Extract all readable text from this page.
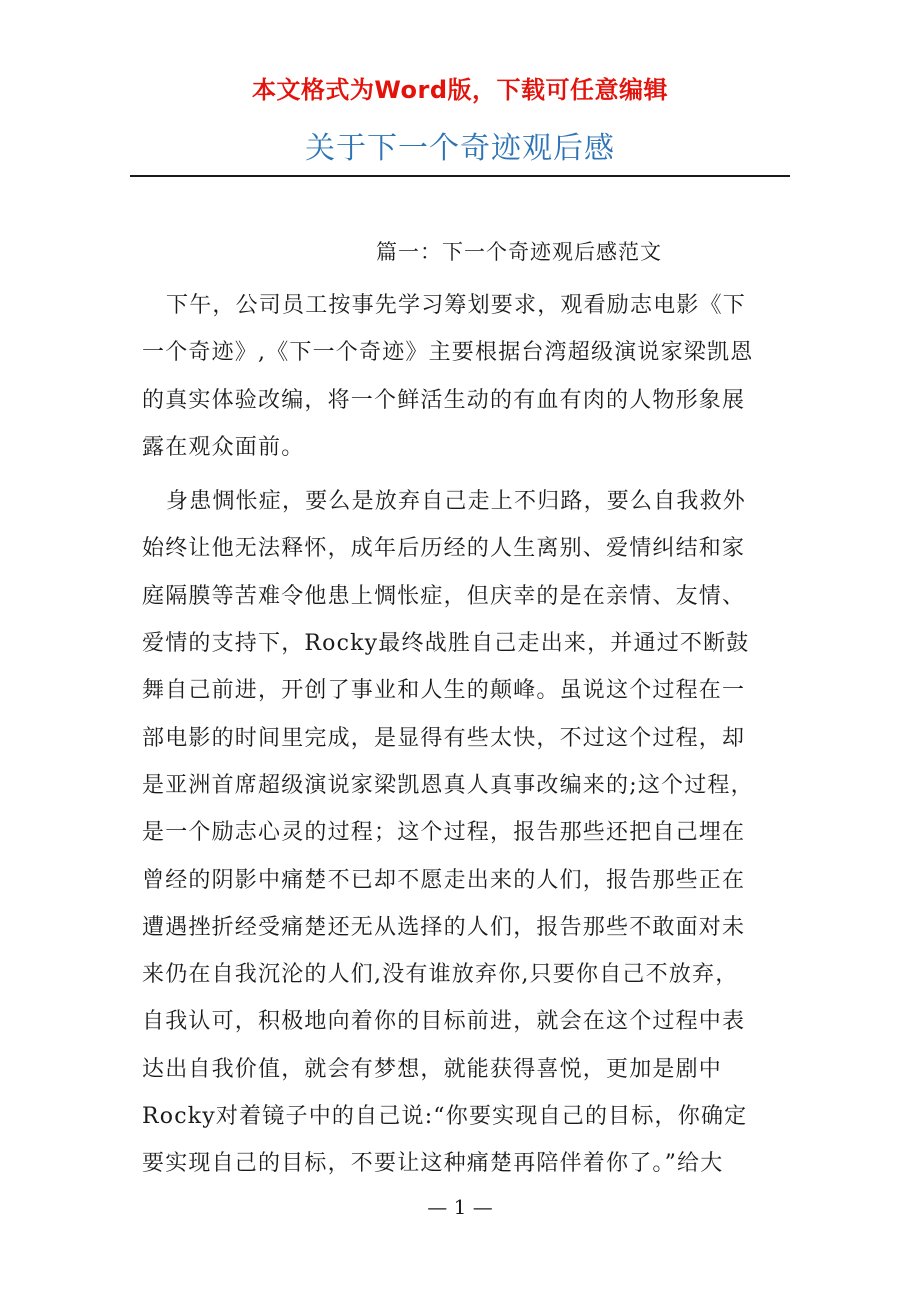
本文格式为Word版，下载可任意编辑
关于下一个奇迹观后感
篇一：下一个奇迹观后感范文
下午，公司员工按事先学习筹划要求，观看励志电影《下
一个奇迹》,《下一个奇迹》主要根据台湾超级演说家梁凯恩
的真实体验改编，将一个鲜活生动的有血有肉的人物形象展
露在观众面前。
身患惆怅症，要么是放弃自己走上不归路，要么自我救外
始终让他无法释怀，成年后历经的人生离别、爱情纠结和家
庭隔膜等苦难令他患上惆怅症，但庆幸的是在亲情、友情、
爱情的支持下，Rocky最终战胜自己走出来，并通过不断鼓
舞自己前进，开创了事业和人生的颠峰。虽说这个过程在一
部电影的时间里完成，是显得有些太快，不过这个过程，却
是亚洲首席超级演说家梁凯恩真人真事改编来的;这个过程，
是一个励志心灵的过程；这个过程，报告那些还把自己埋在
曾经的阴影中痛楚不已却不愿走出来的人们，报告那些正在
遭遇挫折经受痛楚还无从选择的人们，报告那些不敢面对未
来仍在自我沉沦的人们,没有谁放弃你,只要你自己不放弃，
自我认可，积极地向着你的目标前进，就会在这个过程中表
达出自我价值，就会有梦想，就能获得喜悦，更加是剧中
Rocky对着镜子中的自己说:“你要实现自己的目标，你确定
要实现自己的目标，不要让这种痛楚再陪伴着你了。”给大
— 1 —
